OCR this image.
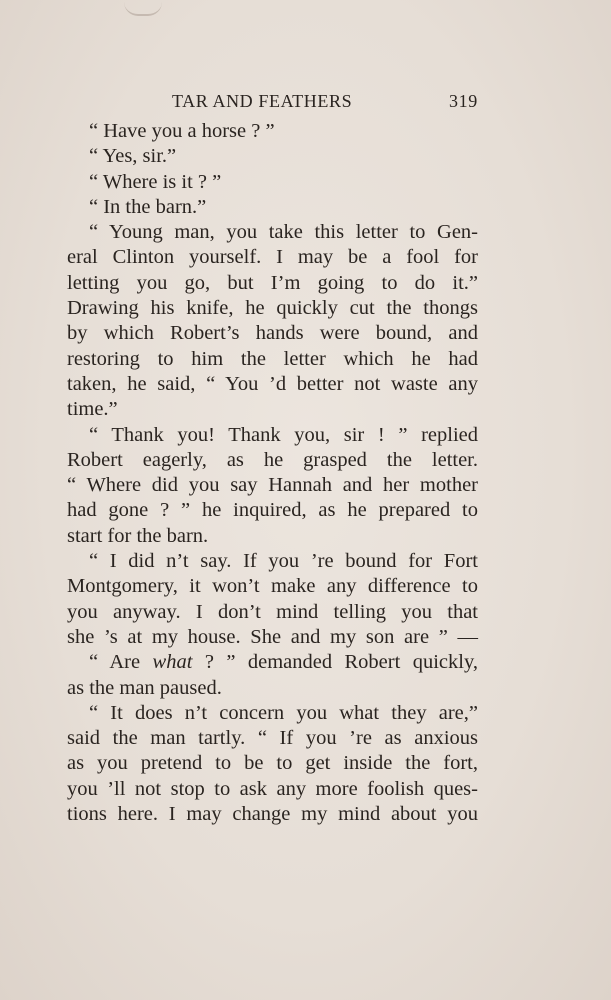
TAR AND FEATHERS	319
“ Have you a horse ? ”
“ Yes, sir.”
“ Where is it ? ”
“ In the barn.”
“ Young man, you take this letter to Gen-
eral Clinton yourself. I may be a fool for
letting you go, but I’m going to do it.”
Drawing his knife, he quickly cut the thongs
by which Robert’s hands were bound, and
restoring to him the letter which he had
taken, he said, “ You ’d better not waste any
time.”
“ Thank you! Thank you, sir ! ” replied
Robert eagerly, as he grasped the letter.
“ Where did you say Hannah and her mother
had gone ? ” he inquired, as he prepared to
start for the barn.
“ I did n’t say. If you ’re bound for Fort
Montgomery, it won’t make any difference to
you anyway. I don’t mind telling you that
she ’s at my house. She and my son are ” —
“ Are what ? ” demanded Robert quickly,
as the man paused.
“ It does n’t concern you what they are,”
said the man tartly. “ If you ’re as anxious
as you pretend to be to get inside the fort,
you ’ll not stop to ask any more foolish ques-
tions here. I may change my mind about you
